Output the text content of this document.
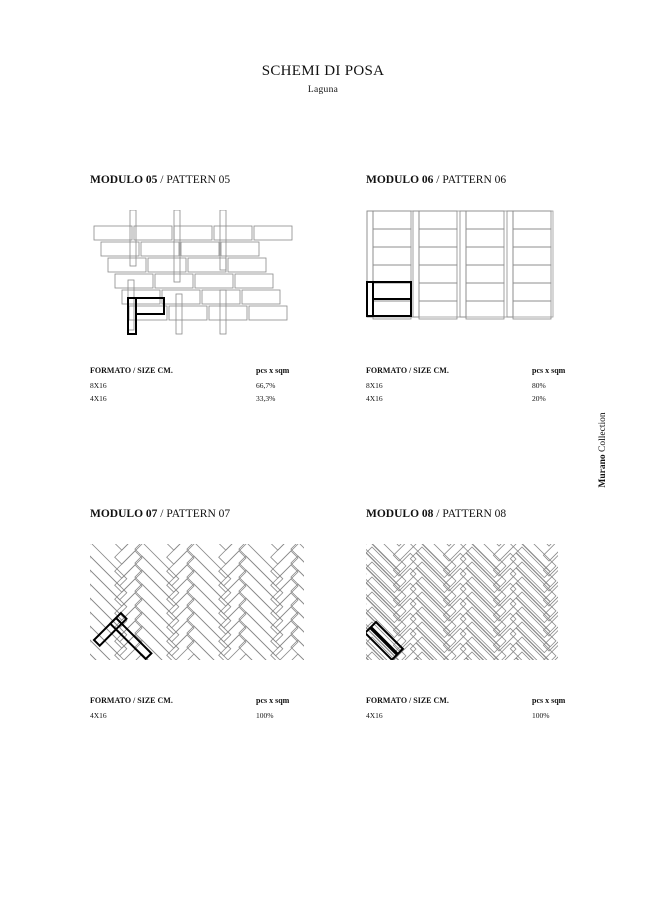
SCHEMI DI POSA
Laguna
Murano Collection
MODULO 05 / PATTERN 05
FORMATO / SIZE CM.	pcs x sqm
8X16	66,7%
4X16	33,3%
MODULO 06 / PATTERN 06
FORMATO / SIZE CM.	pcs x sqm
8X16	80%
4X16	20%
MODULO 07 / PATTERN 07
FORMATO / SIZE CM.	pcs x sqm
4X16	100%
MODULO 08 / PATTERN 08
FORMATO / SIZE CM.	pcs x sqm
4X16	100%
